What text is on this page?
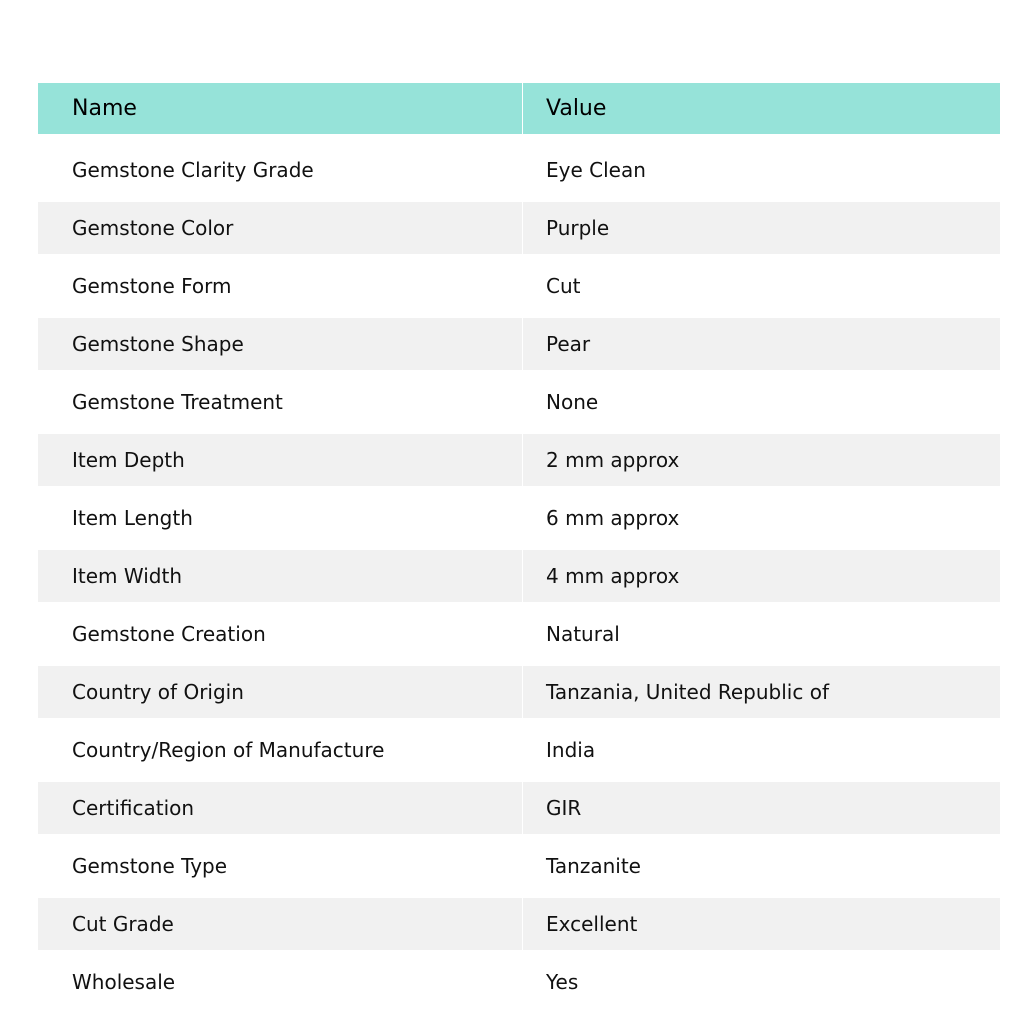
Name	Value
Gemstone Clarity Grade	Eye Clean
Gemstone Color	Purple
Gemstone Form	Cut
Gemstone Shape	Pear
Gemstone Treatment	None
Item Depth	2 mm approx
Item Length	6 mm approx
Item Width	4 mm approx
Gemstone Creation	Natural
Country of Origin	Tanzania, United Republic of
Country/Region of Manufacture	India
Certification	GIR
Gemstone Type	Tanzanite
Cut Grade	Excellent
Wholesale	Yes
